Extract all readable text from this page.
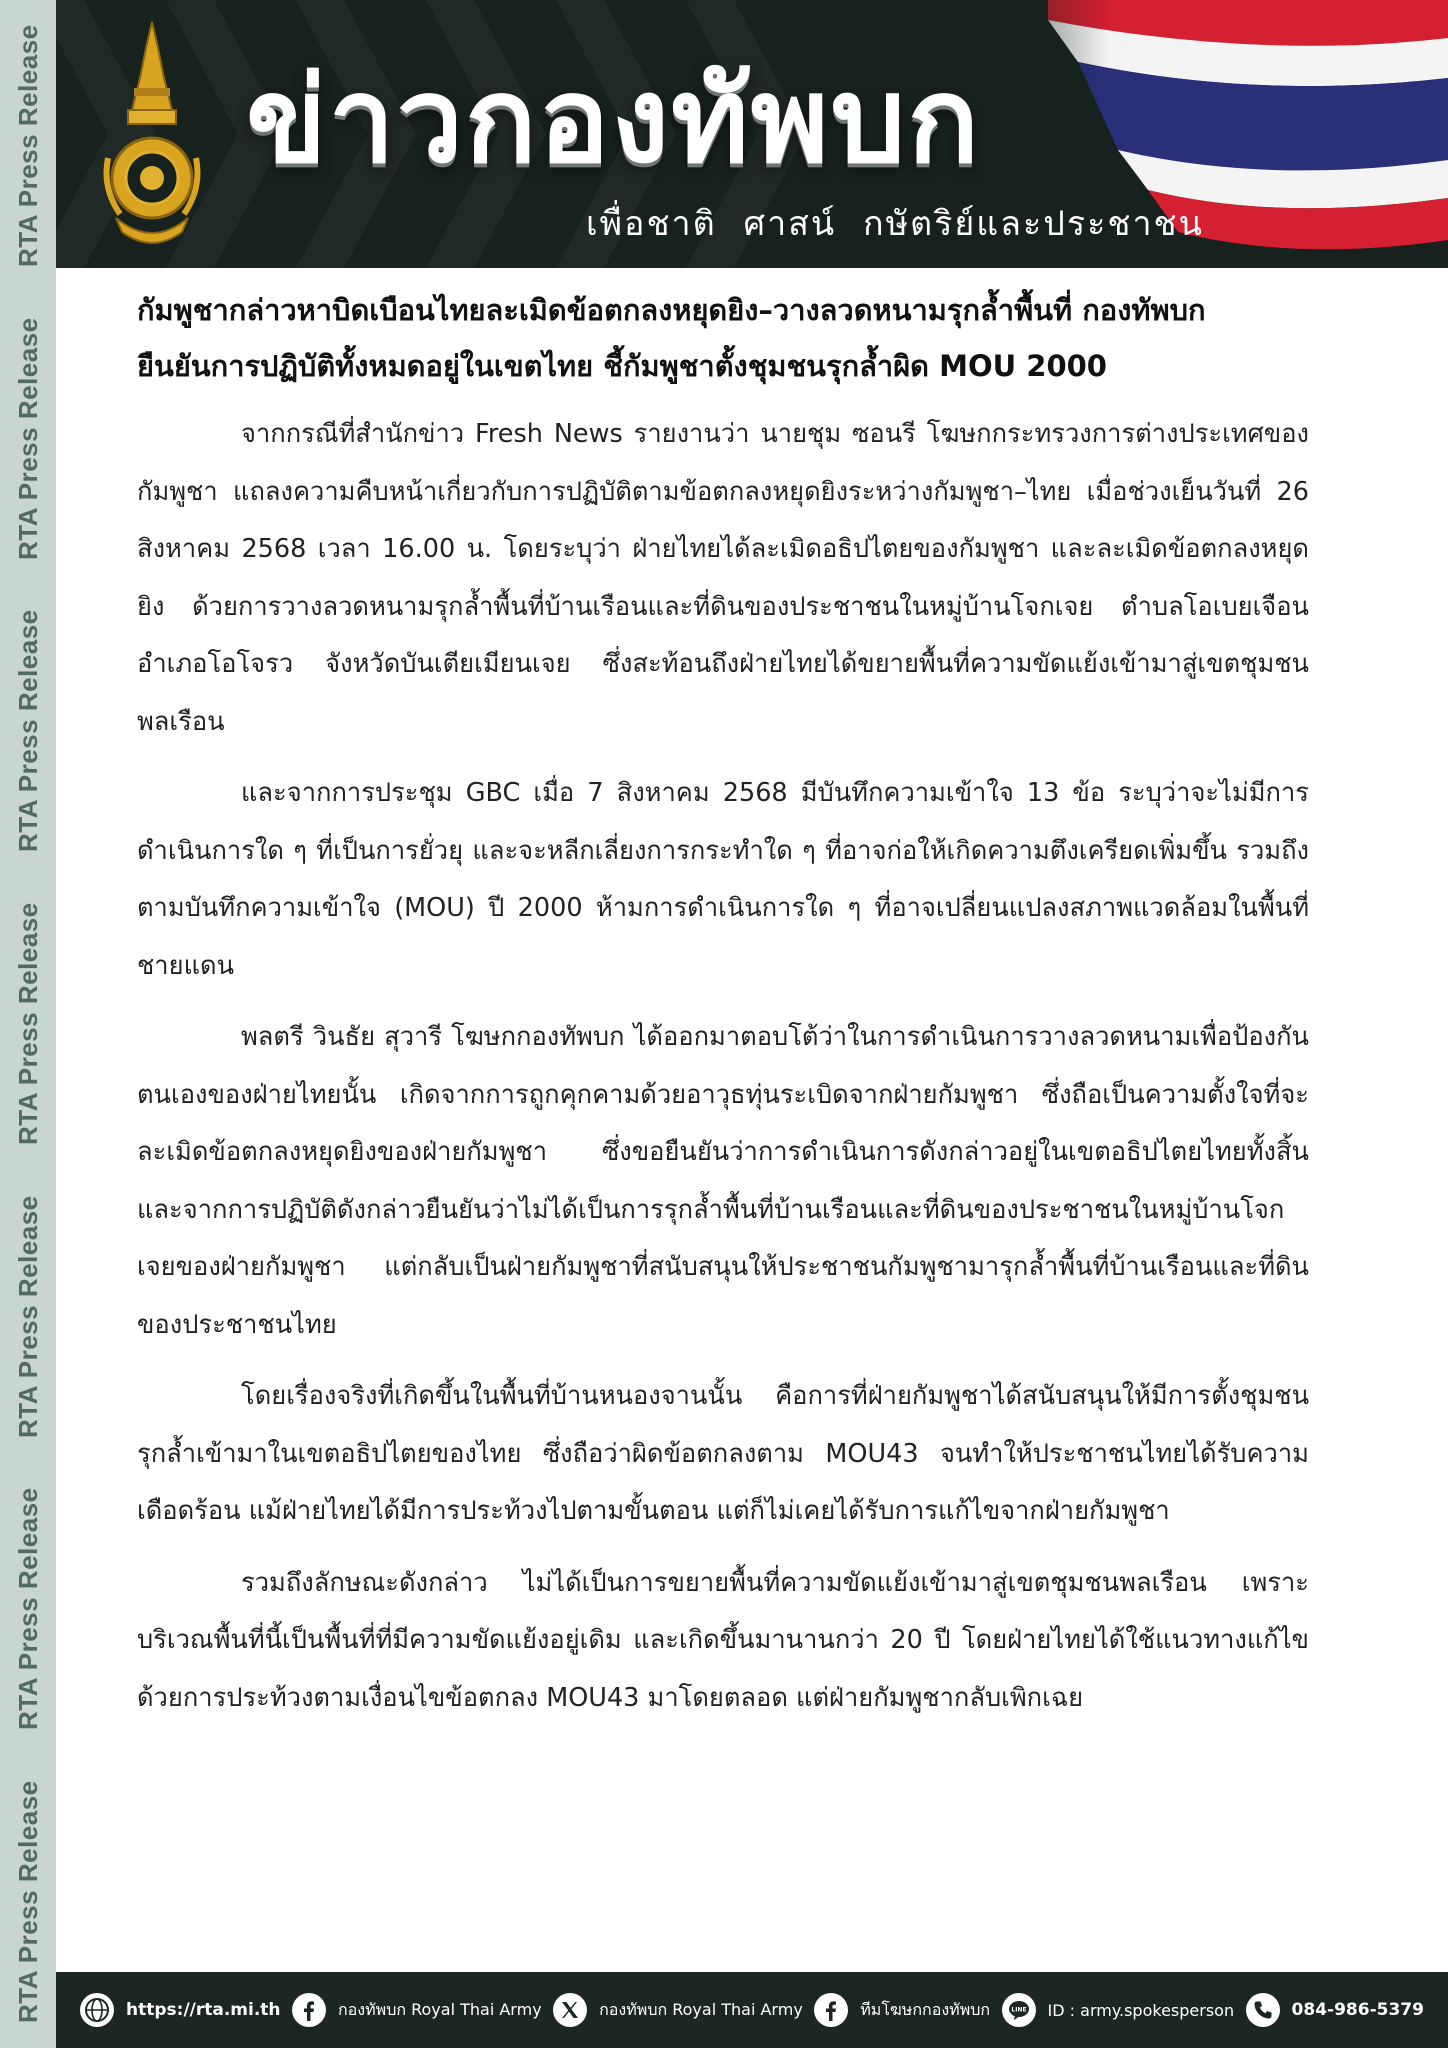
RTA Press Release
RTA Press Release
RTA Press Release
RTA Press Release
RTA Press Release
RTA Press Release
RTA Press Release ข่าวกองทัพบก
เพื่อชาติ ศาสน์ กษัตริย์และประชาชน
กัมพูชากล่าวหาบิดเบือนไทยละเมิดข้อตกลงหยุดยิง–วางลวดหนามรุกล้ำพื้นที่ กองทัพบก
ยืนยันการปฏิบัติทั้งหมดอยู่ในเขตไทย ชี้กัมพูชาตั้งชุมชนรุกล้ำผิด MOU 2000

จากกรณีที่สำนักข่าว Fresh News รายงานว่า นายชุม ซอนรี โฆษกกระทรวงการต่างประเทศของกัมพูชา แถลงความคืบหน้าเกี่ยวกับการปฏิบัติตามข้อตกลงหยุดยิงระหว่างกัมพูชา–ไทย เมื่อช่วงเย็นวันที่ 26 สิงหาคม 2568 เวลา 16.00 น. โดยระบุว่า ฝ่ายไทยได้ละเมิดอธิปไตยของกัมพูชา และละเมิดข้อตกลงหยุดยิง ด้วยการวางลวดหนามรุกล้ำพื้นที่บ้านเรือนและที่ดินของประชาชนในหมู่บ้านโจกเจย ตำบลโอเบยเจือน อำเภอโอโจรว จังหวัดบันเตียเมียนเจย ซึ่งสะท้อนถึงฝ่ายไทยได้ขยายพื้นที่ความขัดแย้งเข้ามาสู่เขตชุมชนพลเรือน

และจากการประชุม GBC เมื่อ 7 สิงหาคม 2568 มีบันทึกความเข้าใจ 13 ข้อ ระบุว่าจะไม่มีการดำเนินการใด ๆ ที่เป็นการยั่วยุ และจะหลีกเลี่ยงการกระทำใด ๆ ที่อาจก่อให้เกิดความตึงเครียดเพิ่มขึ้น รวมถึงตามบันทึกความเข้าใจ (MOU) ปี 2000 ห้ามการดำเนินการใด ๆ ที่อาจเปลี่ยนแปลงสภาพแวดล้อมในพื้นที่ชายแดน

พลตรี วินธัย สุวารี โฆษกกองทัพบก ได้ออกมาตอบโต้ว่าในการดำเนินการวางลวดหนามเพื่อป้องกันตนเองของฝ่ายไทยนั้น เกิดจากการถูกคุกคามด้วยอาวุธทุ่นระเบิดจากฝ่ายกัมพูชา ซึ่งถือเป็นความตั้งใจที่จะละเมิดข้อตกลงหยุดยิงของฝ่ายกัมพูชา ซึ่งขอยืนยันว่าการดำเนินการดังกล่าวอยู่ในเขตอธิปไตยไทยทั้งสิ้น และจากการปฏิบัติดังกล่าวยืนยันว่าไม่ได้เป็นการรุกล้ำพื้นที่บ้านเรือนและที่ดินของประชาชนในหมู่บ้านโจกเจยของฝ่ายกัมพูชา แต่กลับเป็นฝ่ายกัมพูชาที่สนับสนุนให้ประชาชนกัมพูชามารุกล้ำพื้นที่บ้านเรือนและที่ดินของประชาชนไทย

โดยเรื่องจริงที่เกิดขึ้นในพื้นที่บ้านหนองจานนั้น คือการที่ฝ่ายกัมพูชาได้สนับสนุนให้มีการตั้งชุมชนรุกล้ำเข้ามาในเขตอธิปไตยของไทย ซึ่งถือว่าผิดข้อตกลงตาม MOU43 จนทำให้ประชาชนไทยได้รับความเดือดร้อน แม้ฝ่ายไทยได้มีการประท้วงไปตามขั้นตอน แต่ก็ไม่เคยได้รับการแก้ไขจากฝ่ายกัมพูชา

รวมถึงลักษณะดังกล่าว ไม่ได้เป็นการขยายพื้นที่ความขัดแย้งเข้ามาสู่เขตชุมชนพลเรือน เพราะบริเวณพื้นที่นี้เป็นพื้นที่ที่มีความขัดแย้งอยู่เดิม และเกิดขึ้นมานานกว่า 20 ปี โดยฝ่ายไทยได้ใช้แนวทางแก้ไขด้วยการประท้วงตามเงื่อนไขข้อตกลง MOU43 มาโดยตลอด แต่ฝ่ายกัมพูชากลับเพิกเฉย

https://rta.mi.th	กองทัพบก Royal Thai Army	กองทัพบก Royal Thai Army	ทีมโฆษกกองทัพบก	LINE ID : army.spokesperson	084-986-5379
